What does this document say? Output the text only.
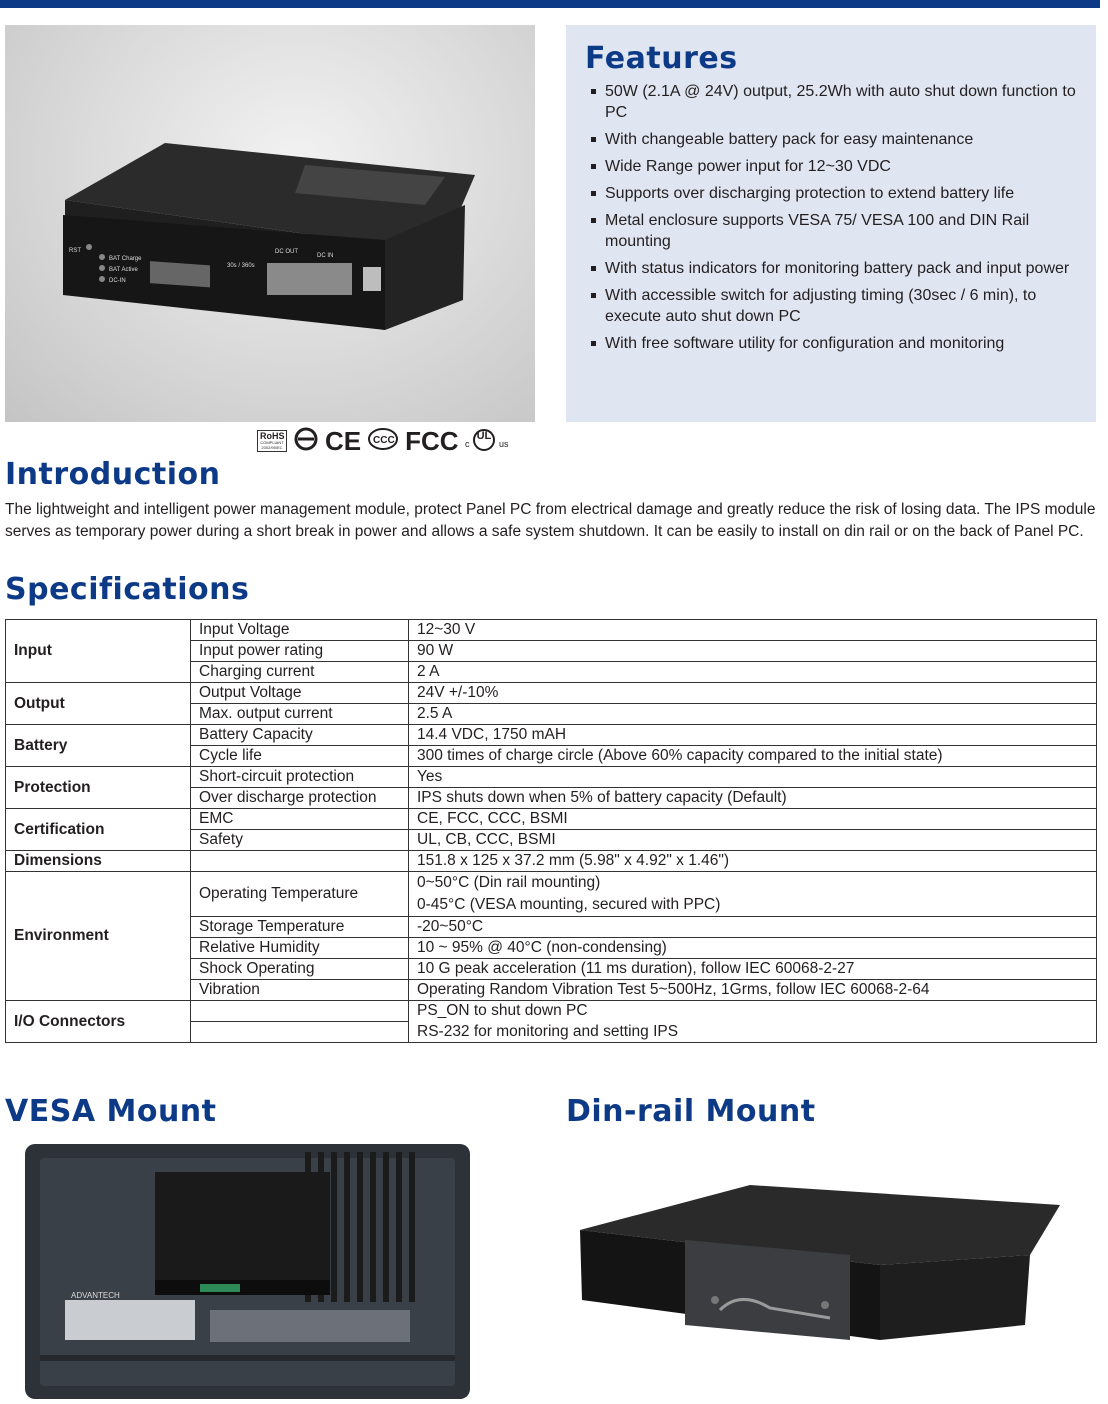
BAT Charge
BAT Active
DC-IN
RST
30s / 360s
DC OUT
DC IN
Features
50W (2.1A @ 24V) output, 25.2Wh with auto shut down function to PC
With changeable battery pack for easy maintenance
Wide Range power input for 12~30 VDC
Supports over discharging protection to extend battery life
Metal enclosure supports VESA 75/ VESA 100 and DIN Rail mounting
With status indicators for monitoring battery pack and input power
With accessible switch for adjusting timing (30sec / 6 min), to execute auto shut down PC
With free software utility for configuration and monitoring
RoHS
COMPLIANT 2002/95/EC CE CCC FCC c	us
UL
Introduction
The lightweight and intelligent power management module, protect Panel PC from electrical damage and greatly reduce the risk of losing data. The IPS module serves as temporary power during a short break in power and allows a safe system shutdown. It can be easily to install on din rail or on the back of Panel PC.
Specifications
Input	Input Voltage	12~30 V
	Input power rating	90 W
	Charging current	2 A
Output	Output Voltage	24V +/-10%
	Max. output current	2.5 A
Battery	Battery Capacity	14.4 VDC, 1750 mAH
	Cycle life	300 times of charge circle (Above 60% capacity compared to the initial state)
Protection	Short-circuit protection	Yes
	Over discharge protection	IPS shuts down when 5% of battery capacity (Default)
Certification	EMC	CE, FCC, CCC, BSMI
	Safety	UL, CB, CCC, BSMI
Dimensions		151.8 x 125 x 37.2 mm (5.98" x 4.92" x 1.46")
Environment	Operating Temperature	0~50°C (Din rail mounting)
0-45°C (VESA mounting, secured with PPC)

	Storage Temperature	-20~50°C
	Relative Humidity	10 ~ 95% @ 40°C (non-condensing)
	Shock Operating	10 G peak acceleration (11 ms duration), follow IEC 60068-2-27
	Vibration	Operating Random Vibration Test 5~500Hz, 1Grms, follow IEC 60068-2-64
I/O Connectors		PS_ON to shut down PC
		RS-232 for monitoring and setting IPS
VESA Mount
ADVANTECH
Din-rail Mount
